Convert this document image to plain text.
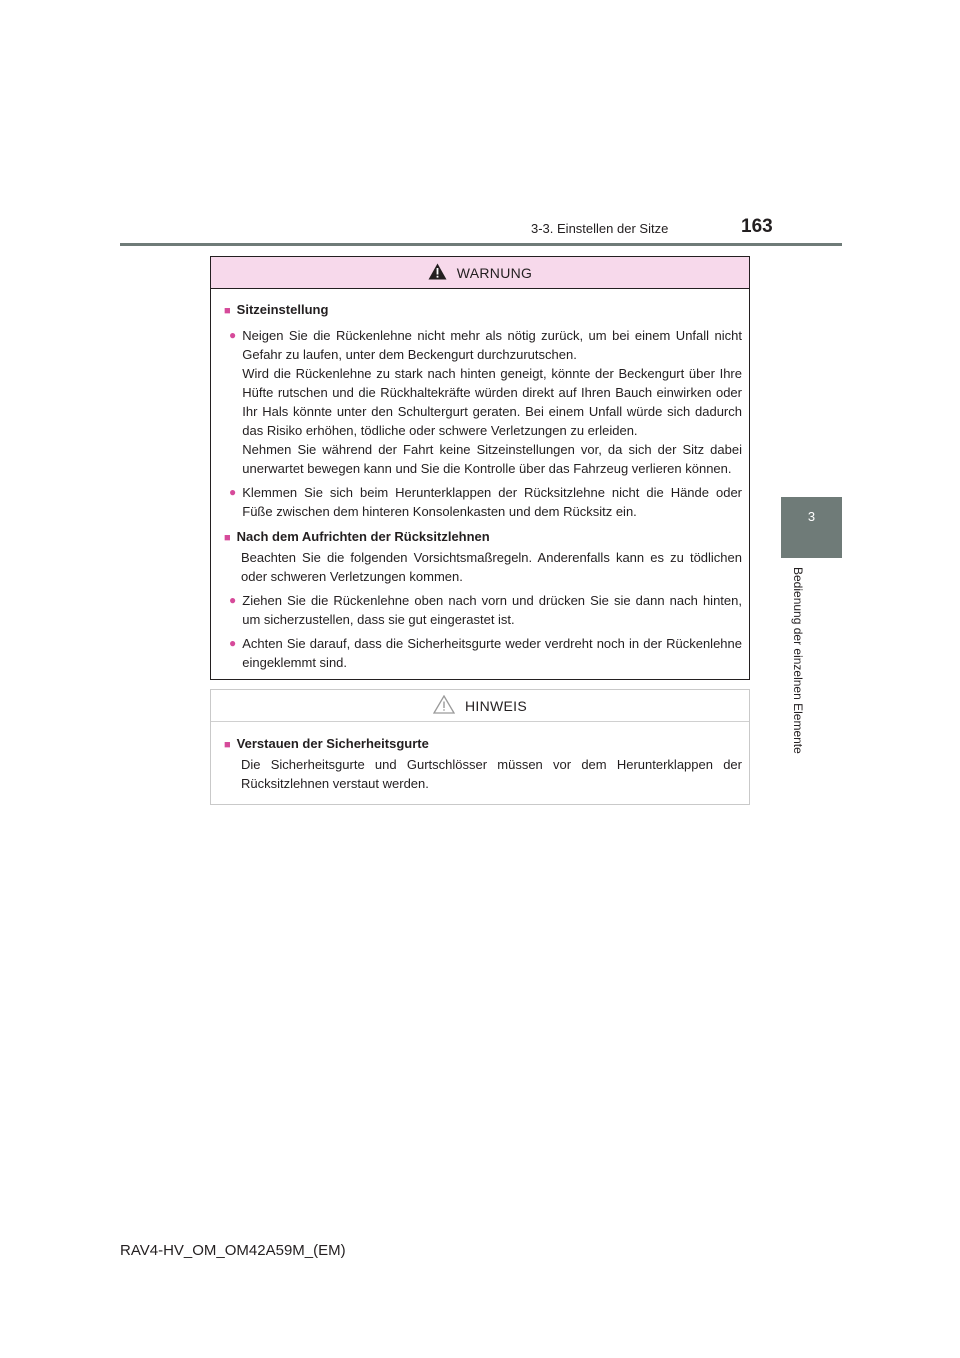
3-3. Einstellen der Sitze	163
3
Bedienung der einzelnen Elemente
WARNUNG
■ Sitzeinstellung
● Neigen Sie die Rückenlehne nicht mehr als nötig zurück, um bei einem Unfall nicht Gefahr zu laufen, unter dem Beckengurt durchzurutschen.
Wird die Rückenlehne zu stark nach hinten geneigt, könnte der Beckengurt über Ihre Hüfte rutschen und die Rückhaltekräfte würden direkt auf Ihren Bauch einwirken oder Ihr Hals könnte unter den Schultergurt geraten. Bei einem Unfall würde sich dadurch das Risiko erhöhen, tödliche oder schwere Verletzungen zu erleiden.
Nehmen Sie während der Fahrt keine Sitzeinstellungen vor, da sich der Sitz dabei unerwartet bewegen kann und Sie die Kontrolle über das Fahrzeug verlieren können.
● Klemmen Sie sich beim Herunterklappen der Rücksitzlehne nicht die Hände oder Füße zwischen dem hinteren Konsolenkasten und dem Rücksitz ein.
■ Nach dem Aufrichten der Rücksitzlehnen
Beachten Sie die folgenden Vorsichtsmaßregeln. Anderenfalls kann es zu tödlichen oder schweren Verletzungen kommen.
● Ziehen Sie die Rückenlehne oben nach vorn und drücken Sie sie dann nach hinten, um sicherzustellen, dass sie gut eingerastet ist.
● Achten Sie darauf, dass die Sicherheitsgurte weder verdreht noch in der Rückenlehne eingeklemmt sind.
HINWEIS
■ Verstauen der Sicherheitsgurte
Die Sicherheitsgurte und Gurtschlösser müssen vor dem Herunterklappen der Rücksitzlehnen verstaut werden.
RAV4-HV_OM_OM42A59M_(EM)
